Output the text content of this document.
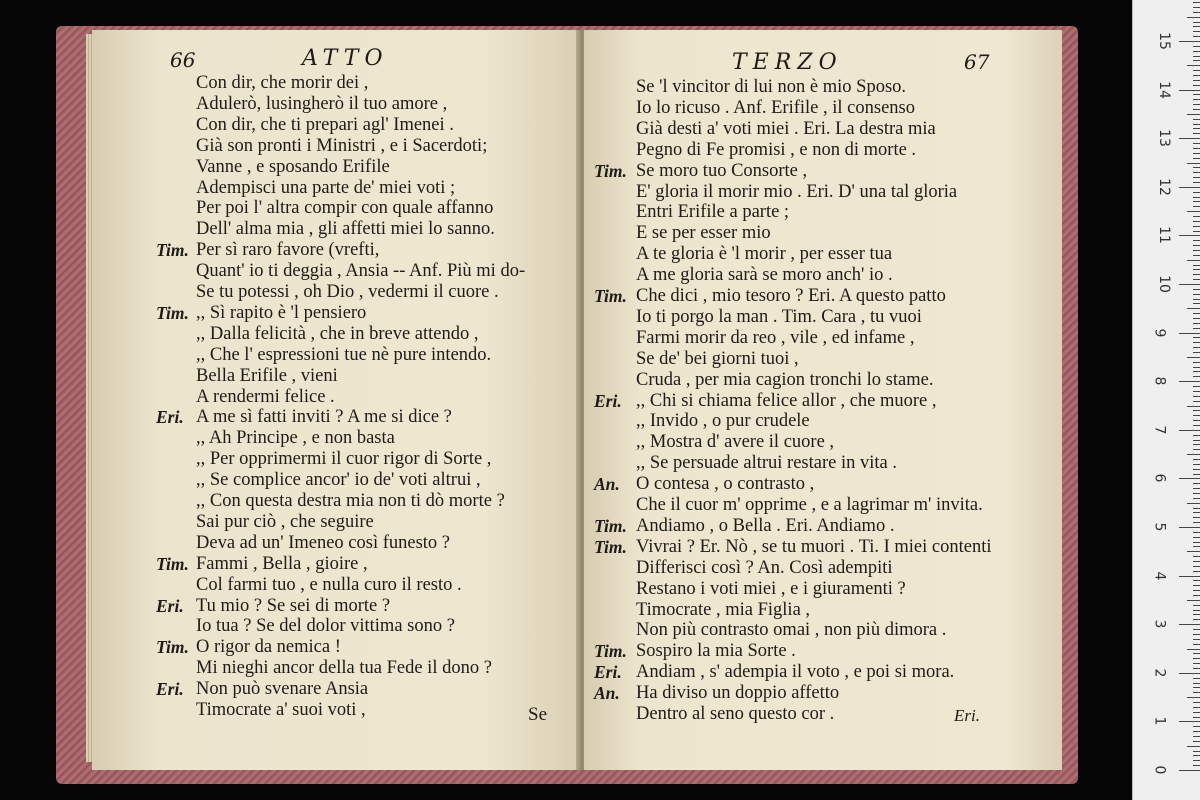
66	ATTO
Con dir, che morir dei ,
Adulerò, lusingherò il tuo amore ,
Con dir, che ti prepari agl' Imenei .
Già son pronti i Ministri , e i Sacerdoti;
Vanne , e sposando Erifile
Adempisci una parte de' miei voti ;
Per poi l' altra compir con quale affanno
Dell' alma mia , gli affetti miei lo sanno.
Tim. Per sì raro favore (vrefti,
Quant' io ti deggia , Ansia -- Anf. Più mi do-
Se tu potessi , oh Dio , vedermi il cuore .
Tim. ,, Sì rapito è 'l pensiero
,, Dalla felicità , che in breve attendo ,
,, Che l' espressioni tue nè pure intendo.
Bella Erifile , vieni
A rendermi felice .
Eri. A me sì fatti inviti ? A me si dice ?
,, Ah Principe , e non basta
,, Per opprimermi il cuor rigor di Sorte ,
,, Se complice ancor' io de' voti altrui ,
,, Con questa destra mia non ti dò morte ?
Sai pur ciò , che seguire
Deva ad un' Imeneo così funesto ?
Tim. Fammi , Bella , gioire ,
Col farmi tuo , e nulla curo il resto .
Eri. Tu mio ? Se sei di morte ?
Io tua ? Se del dolor vittima sono ?
Tim. O rigor da nemica !
Mi nieghi ancor della tua Fede il dono ?
Eri. Non può svenare Ansia
Timocrate a' suoi voti ,	Se
TERZO	67
Se 'l vincitor di lui non è mio Sposo.
Io lo ricuso . Anf. Erifile , il consenso
Già desti a' voti miei . Eri. La destra mia
Pegno di Fe promisi , e non di morte .
Tim. Se moro tuo Consorte ,
E' gloria il morir mio . Eri. D' una tal gloria
Entri Erifile a parte ;
E se per esser mio
A te gloria è 'l morir , per esser tua
A me gloria sarà se moro anch' io .
Tim. Che dici , mio tesoro ? Eri. A questo patto
Io ti porgo la man . Tim. Cara , tu vuoi
Farmi morir da reo , vile , ed infame ,
Se de' bei giorni tuoi ,
Cruda , per mia cagion tronchi lo stame.
Eri. ,, Chi si chiama felice allor , che muore ,
,, Invido , o pur crudele
,, Mostra d' avere il cuore ,
,, Se persuade altrui restare in vita .
An. O contesa , o contrasto ,
Che il cuor m' opprime , e a lagrimar m' invita.
Tim. Andiamo , o Bella . Eri. Andiamo .
Tim. Vivrai ? Er. Nò , se tu muori . Ti. I miei contenti
Differisci così ? An. Così adempiti
Restano i voti miei , e i giuramenti ?
Timocrate , mia Figlia ,
Non più contrasto omai , non più dimora .
Tim. Sospiro la mia Sorte .
Eri. Andiam , s' adempia il voto , e poi si mora.
An. Ha diviso un doppio affetto
Dentro al seno questo cor .	Eri.
15
14
13
12
11
10
9
8
7
6
5
4
3
2
1
0
